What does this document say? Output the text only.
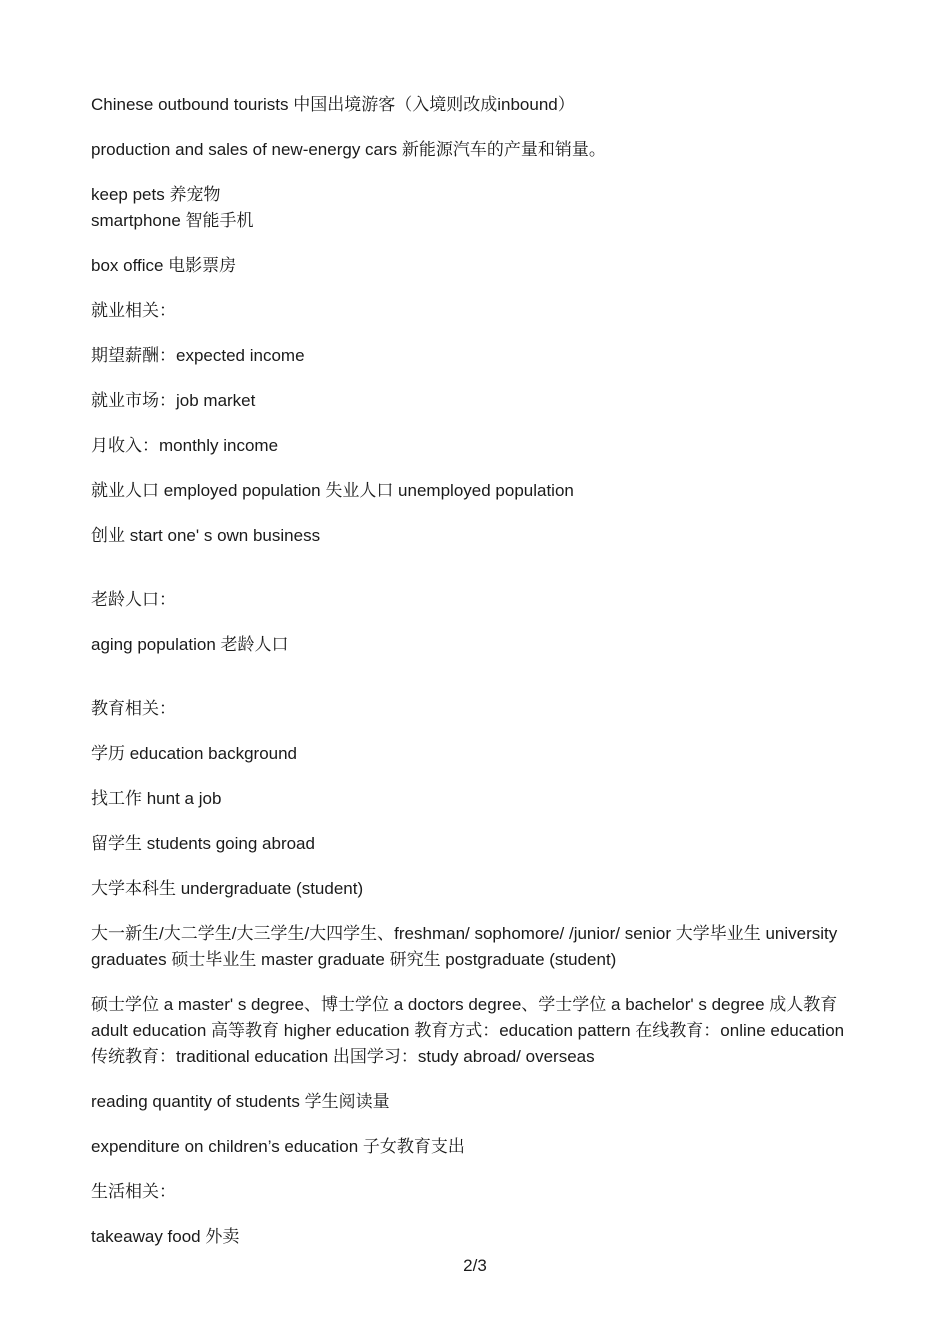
Chinese outbound tourists 中国出境游客（入境则改成inbound）

production and sales of new-energy cars 新能源汽车的产量和销量。

keep pets 养宠物

smartphone 智能手机

box office 电影票房

就业相关：

期望薪酬：expected income

就业市场：job market

月收入：monthly income

就业人口 employed population 失业人口 unemployed population

创业 start one' s own business

老龄人口：

aging population 老龄人口

教育相关：

学历 education background

找工作 hunt a job

留学生 students going abroad

大学本科生 undergraduate (student)

大一新生/大二学生/大三学生/大四学生、freshman/ sophomore/ /junior/ senior 大学毕业生 university graduates 硕士毕业生 master graduate 研究生 postgraduate (student)

硕士学位 a master' s degree、博士学位 a doctors degree、学士学位 a bachelor' s degree 成人教育 adult education 高等教育 higher education 教育方式：education pattern 在线教育：online education 传统教育：traditional education 出国学习：study abroad/ overseas

reading quantity of students 学生阅读量

expenditure on children’s education 子女教育支出

生活相关：

takeaway food 外卖

2/3
